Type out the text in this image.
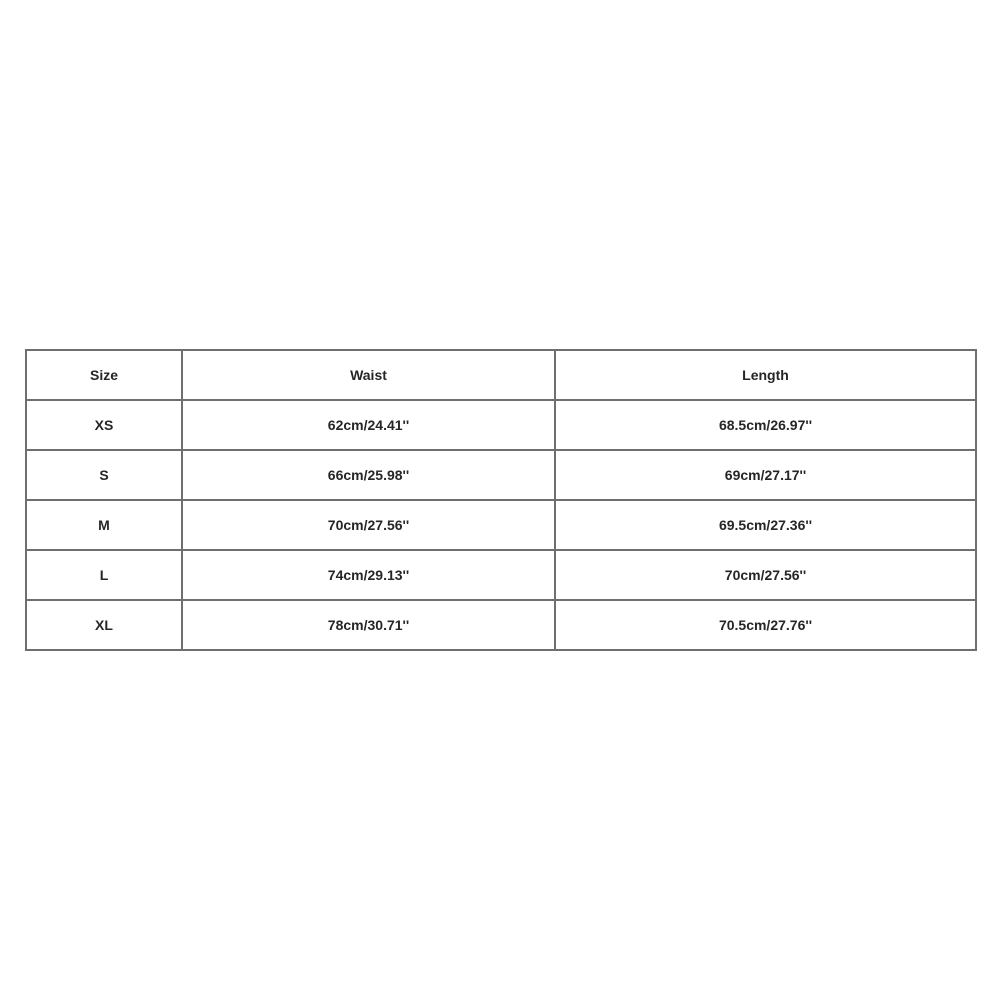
Size	Waist	Length
XS	62cm/24.41''	68.5cm/26.97''
S	66cm/25.98''	69cm/27.17''
M	70cm/27.56''	69.5cm/27.36''
L	74cm/29.13''	70cm/27.56''
XL	78cm/30.71''	70.5cm/27.76''
